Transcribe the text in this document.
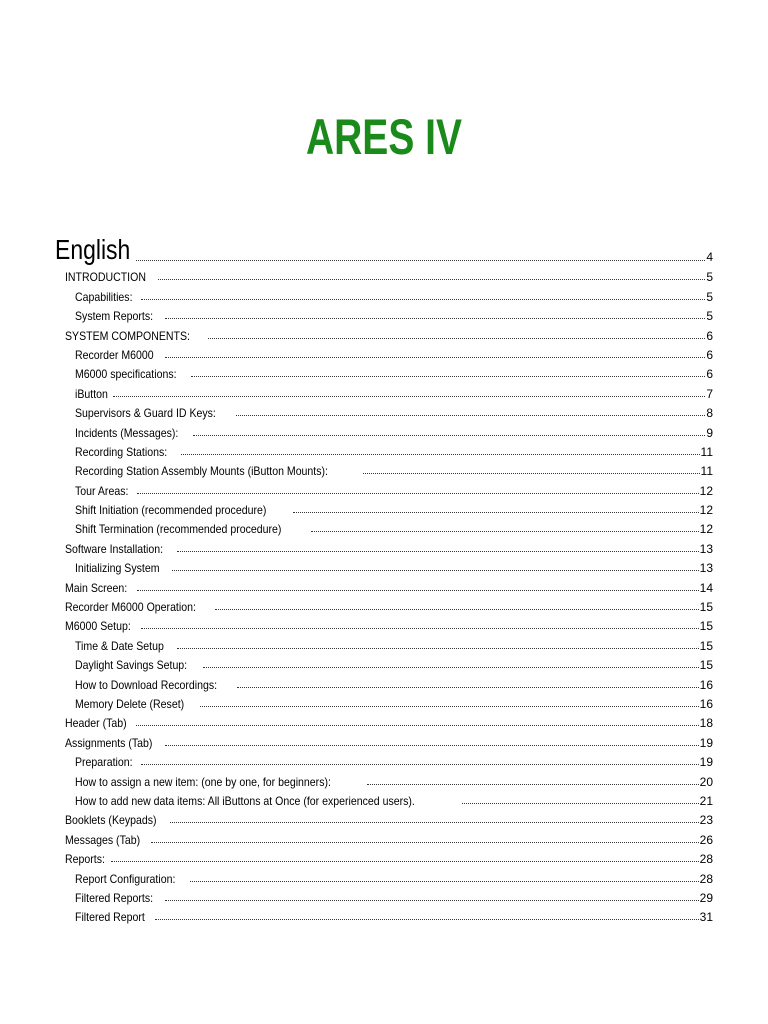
ARES IV
English	4
INTRODUCTION	5
Capabilities:	5
System Reports:	5
SYSTEM COMPONENTS:	6
Recorder M6000	6
M6000 specifications:	6
iButton	7
Supervisors & Guard ID Keys:	8
Incidents (Messages):	9
Recording Stations:	11
Recording Station Assembly Mounts (iButton Mounts):	11
Tour Areas:	12
Shift Initiation (recommended procedure)	12
Shift Termination (recommended procedure)	12
Software Installation:	13
Initializing System	13
Main Screen:	14
Recorder M6000 Operation:	15
M6000 Setup:	15
Time & Date Setup	15
Daylight Savings Setup:	15
How to Download Recordings:	16
Memory Delete (Reset)	16
Header (Tab)	18
Assignments (Tab)	19
Preparation:	19
How to assign a new item: (one by one, for beginners):	20
How to add new data items: All iButtons at Once (for experienced users).	21
Booklets (Keypads)	23
Messages (Tab)	26
Reports:	28
Report Configuration:	28
Filtered Reports:	29
Filtered Report	31
